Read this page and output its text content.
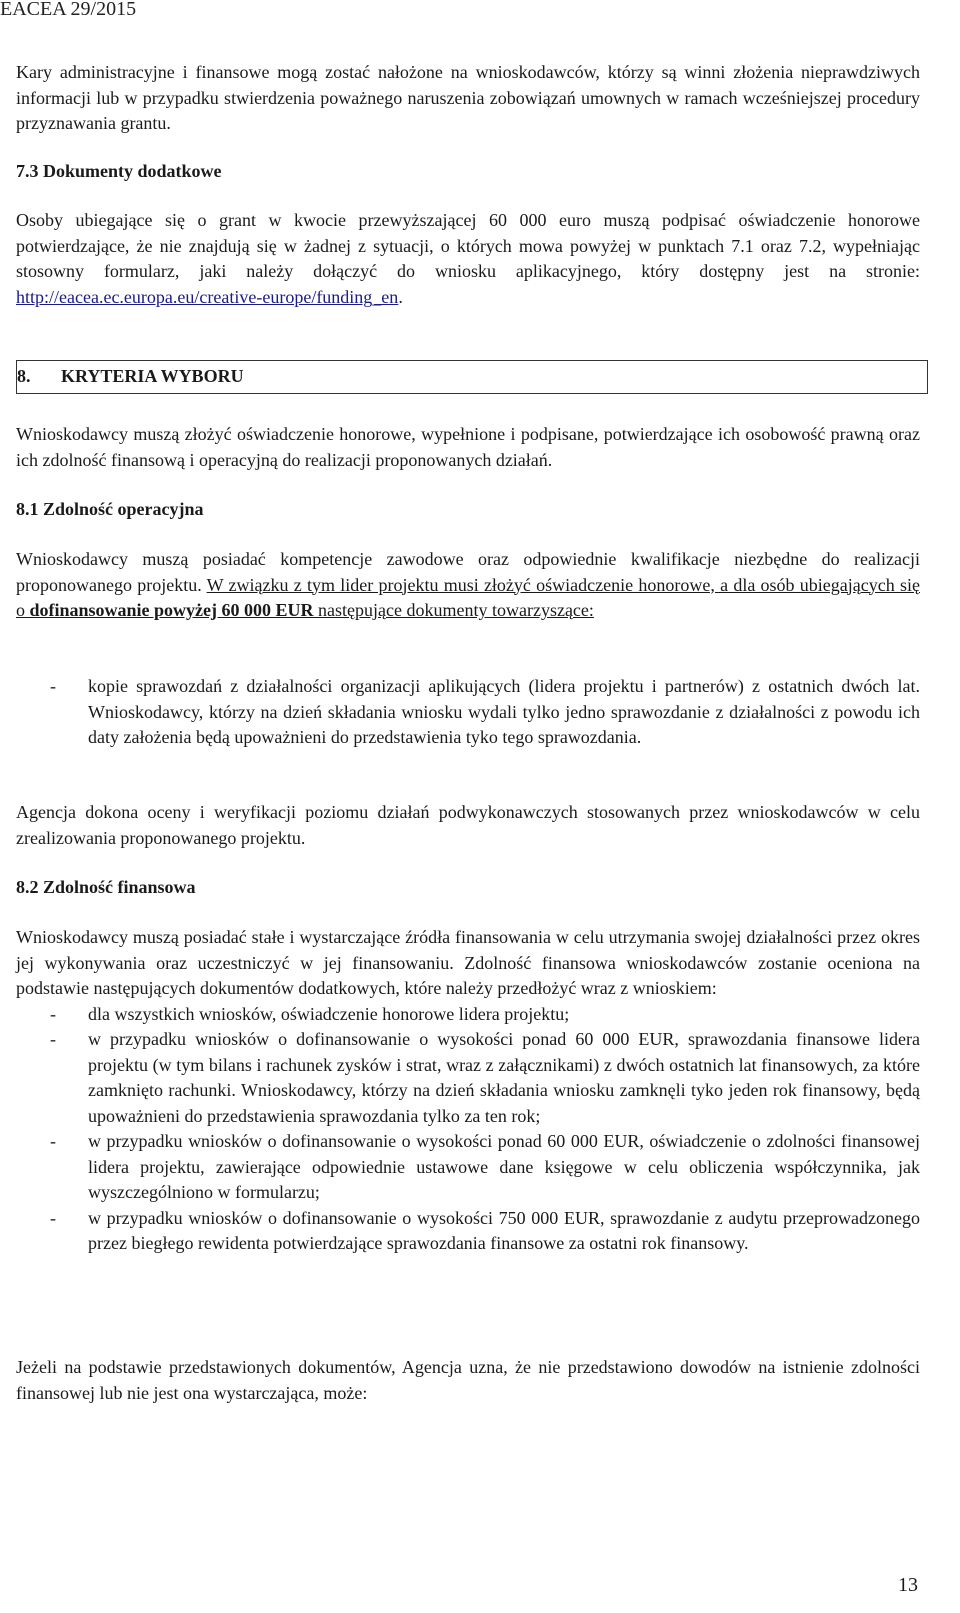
EACEA 29/2015

Kary administracyjne i finansowe mogą zostać nałożone na wnioskodawców, którzy są winni złożenia nieprawdziwych informacji lub w przypadku stwierdzenia poważnego naruszenia zobowiązań umownych w ramach wcześniejszej procedury przyznawania grantu.

7.3 Dokumenty dodatkowe

Osoby ubiegające się o grant w kwocie przewyższającej 60 000 euro muszą podpisać oświadczenie honorowe potwierdzające, że nie znajdują się w żadnej z sytuacji, o których mowa powyżej w punktach 7.1 oraz 7.2, wypełniając stosowny formularz, jaki należy dołączyć do wniosku aplikacyjnego, który dostępny jest na stronie: http://eacea.ec.europa.eu/creative-europe/funding_en.

8. KRYTERIA WYBORU

Wnioskodawcy muszą złożyć oświadczenie honorowe, wypełnione i podpisane, potwierdzające ich osobowość prawną oraz ich zdolność finansową i operacyjną do realizacji proponowanych działań.

8.1 Zdolność operacyjna

Wnioskodawcy muszą posiadać kompetencje zawodowe oraz odpowiednie kwalifikacje niezbędne do realizacji proponowanego projektu. W związku z tym lider projektu musi złożyć oświadczenie honorowe, a dla osób ubiegających się o dofinansowanie powyżej 60 000 EUR następujące dokumenty towarzyszące:

- kopie sprawozdań z działalności organizacji aplikujących (lidera projektu i partnerów) z ostatnich dwóch lat. Wnioskodawcy, którzy na dzień składania wniosku wydali tylko jedno sprawozdanie z działalności z powodu ich daty założenia będą upoważnieni do przedstawienia tyko tego sprawozdania.

Agencja dokona oceny i weryfikacji poziomu działań podwykonawczych stosowanych przez wnioskodawców w celu zrealizowania proponowanego projektu.

8.2 Zdolność finansowa

Wnioskodawcy muszą posiadać stałe i wystarczające źródła finansowania w celu utrzymania swojej działalności przez okres jej wykonywania oraz uczestniczyć w jej finansowaniu. Zdolność finansowa wnioskodawców zostanie oceniona na podstawie następujących dokumentów dodatkowych, które należy przedłożyć wraz z wnioskiem:

- dla wszystkich wniosków, oświadczenie honorowe lidera projektu;
- w przypadku wniosków o dofinansowanie o wysokości ponad 60 000 EUR, sprawozdania finansowe lidera projektu (w tym bilans i rachunek zysków i strat, wraz z załącznikami) z dwóch ostatnich lat finansowych, za które zamknięto rachunki. Wnioskodawcy, którzy na dzień składania wniosku zamknęli tyko jeden rok finansowy, będą upoważnieni do przedstawienia sprawozdania tylko za ten rok;
- w przypadku wniosków o dofinansowanie o wysokości ponad 60 000 EUR, oświadczenie o zdolności finansowej lidera projektu, zawierające odpowiednie ustawowe dane księgowe w celu obliczenia współczynnika, jak wyszczególniono w formularzu;
- w przypadku wniosków o dofinansowanie o wysokości 750 000 EUR, sprawozdanie z audytu przeprowadzonego przez biegłego rewidenta potwierdzające sprawozdania finansowe za ostatni rok finansowy.

Jeżeli na podstawie przedstawionych dokumentów, Agencja uzna, że nie przedstawiono dowodów na istnienie zdolności finansowej lub nie jest ona wystarczająca, może:

13
